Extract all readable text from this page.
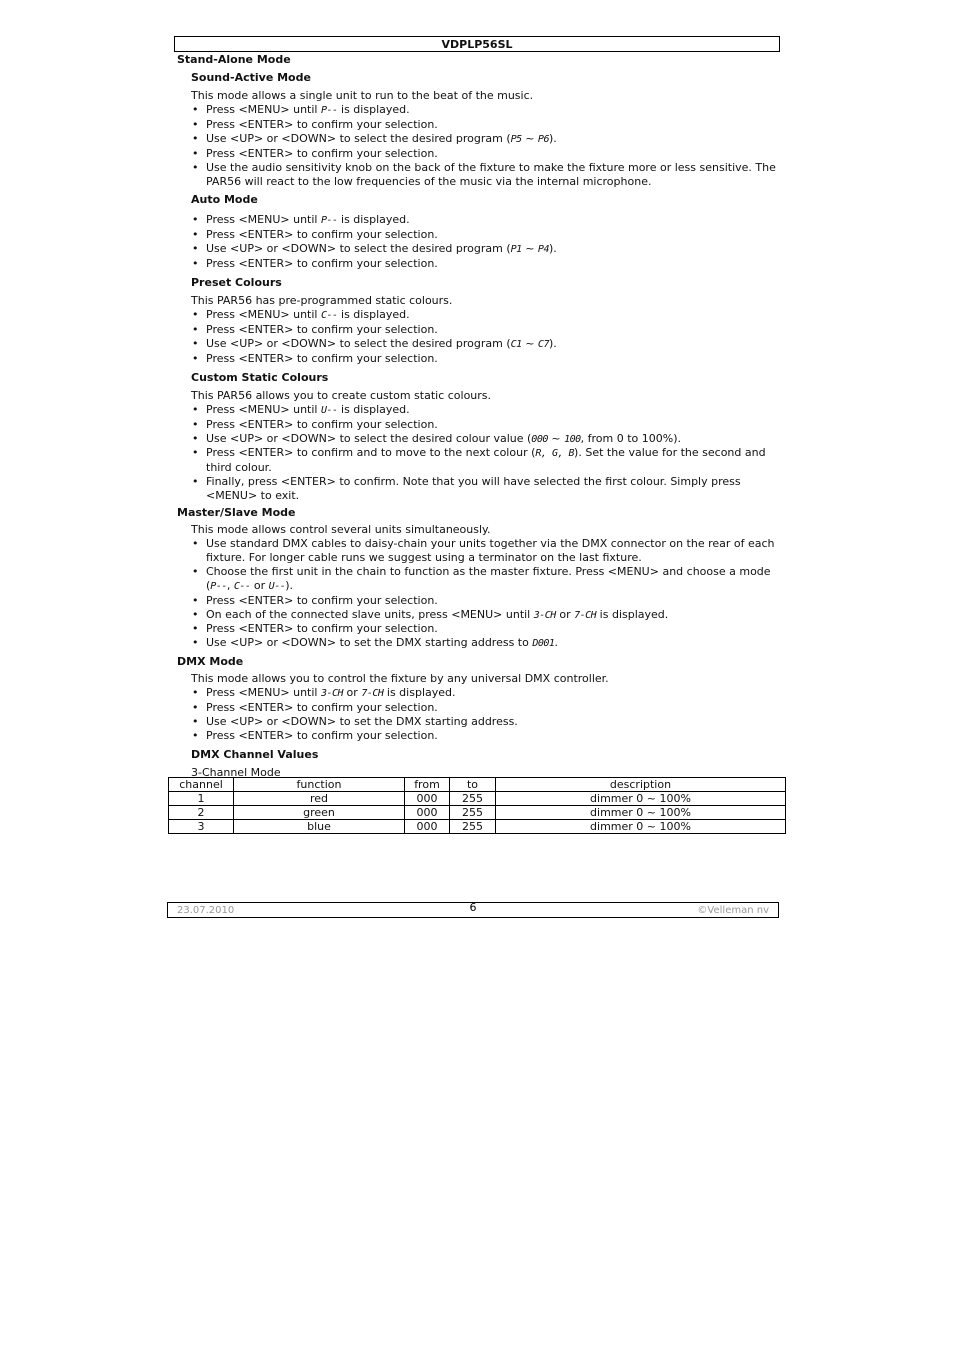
VDPLP56SL
Stand-Alone Mode
Sound-Active Mode
This mode allows a single unit to run to the beat of the music.
• Press <MENU> until P-- is displayed.
• Press <ENTER> to confirm your selection.
• Use <UP> or <DOWN> to select the desired program (P5 ~ P6).
• Press <ENTER> to confirm your selection.
• Use the audio sensitivity knob on the back of the fixture to make the fixture more or less sensitive. The PAR56 will react to the low frequencies of the music via the internal microphone.
Auto Mode
• Press <MENU> until P-- is displayed.
• Press <ENTER> to confirm your selection.
• Use <UP> or <DOWN> to select the desired program (P1 ~ P4).
• Press <ENTER> to confirm your selection.
Preset Colours
This PAR56 has pre-programmed static colours.
• Press <MENU> until C-- is displayed.
• Press <ENTER> to confirm your selection.
• Use <UP> or <DOWN> to select the desired program (C1 ~ C7).
• Press <ENTER> to confirm your selection.
Custom Static Colours
This PAR56 allows you to create custom static colours.
• Press <MENU> until U-- is displayed.
• Press <ENTER> to confirm your selection.
• Use <UP> or <DOWN> to select the desired colour value (000 ~ 100, from 0 to 100%).
• Press <ENTER> to confirm and to move to the next colour (R, G, B). Set the value for the second and third colour.
• Finally, press <ENTER> to confirm. Note that you will have selected the first colour. Simply press <MENU> to exit.
Master/Slave Mode
This mode allows control several units simultaneously.
• Use standard DMX cables to daisy-chain your units together via the DMX connector on the rear of each fixture. For longer cable runs we suggest using a terminator on the last fixture.
• Choose the first unit in the chain to function as the master fixture. Press <MENU> and choose a mode (P--, C-- or U--).
• Press <ENTER> to confirm your selection.
• On each of the connected slave units, press <MENU> until 3-CH or 7-CH is displayed.
• Press <ENTER> to confirm your selection.
• Use <UP> or <DOWN> to set the DMX starting address to D001.
DMX Mode
This mode allows you to control the fixture by any universal DMX controller.
• Press <MENU> until 3-CH or 7-CH is displayed.
• Press <ENTER> to confirm your selection.
• Use <UP> or <DOWN> to set the DMX starting address.
• Press <ENTER> to confirm your selection.
DMX Channel Values
3-Channel Mode
channel	function	from	to	description
1	red	000	255	dimmer 0 ~ 100%
2	green	000	255	dimmer 0 ~ 100%
3	blue	000	255	dimmer 0 ~ 100%
23.07.2010	6	©Velleman nv
